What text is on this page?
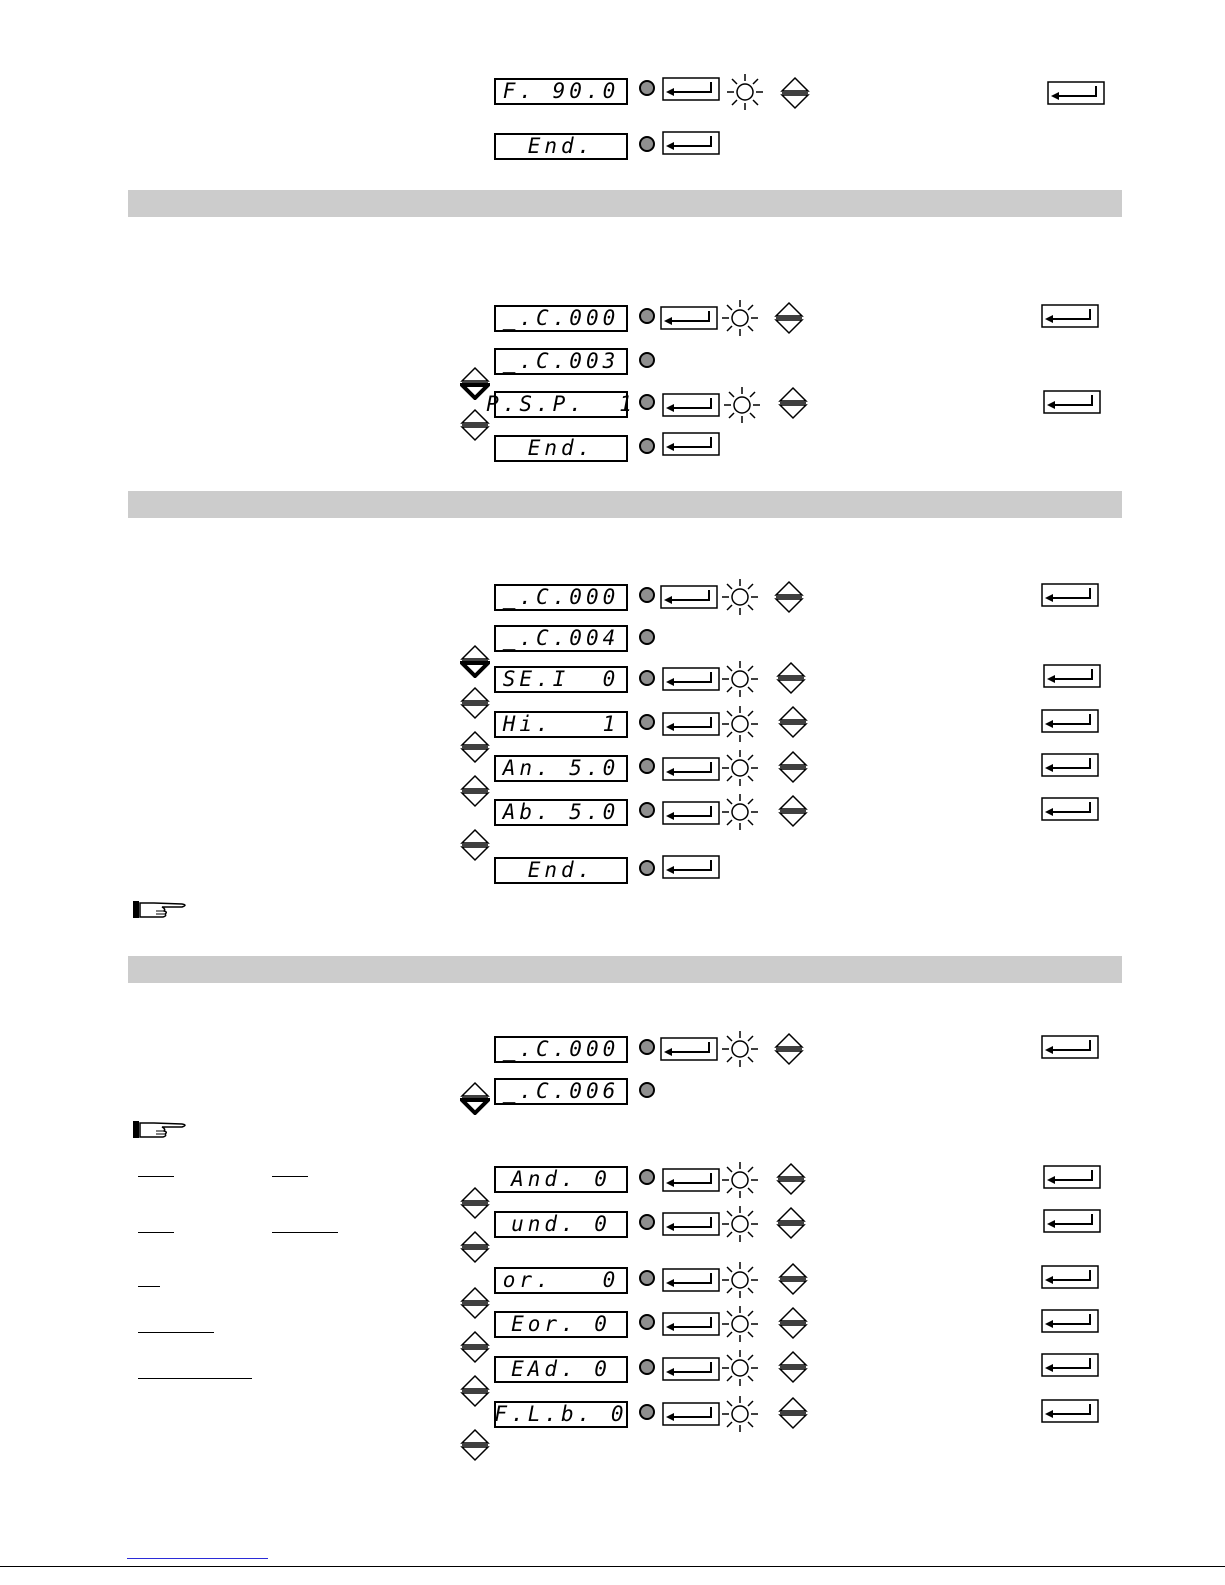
F. 90.0
End.
_.C.000
_.C.003
P.S.P.  1
End.
_.C.000
_.C.004
SE.I  0
Hi.   1
An. 5.0
Ab. 5.0
End.
_.C.000
_.C.006
And. 0
und. 0
or.   0
Eor. 0
EAd. 0
F.L.b. 0
